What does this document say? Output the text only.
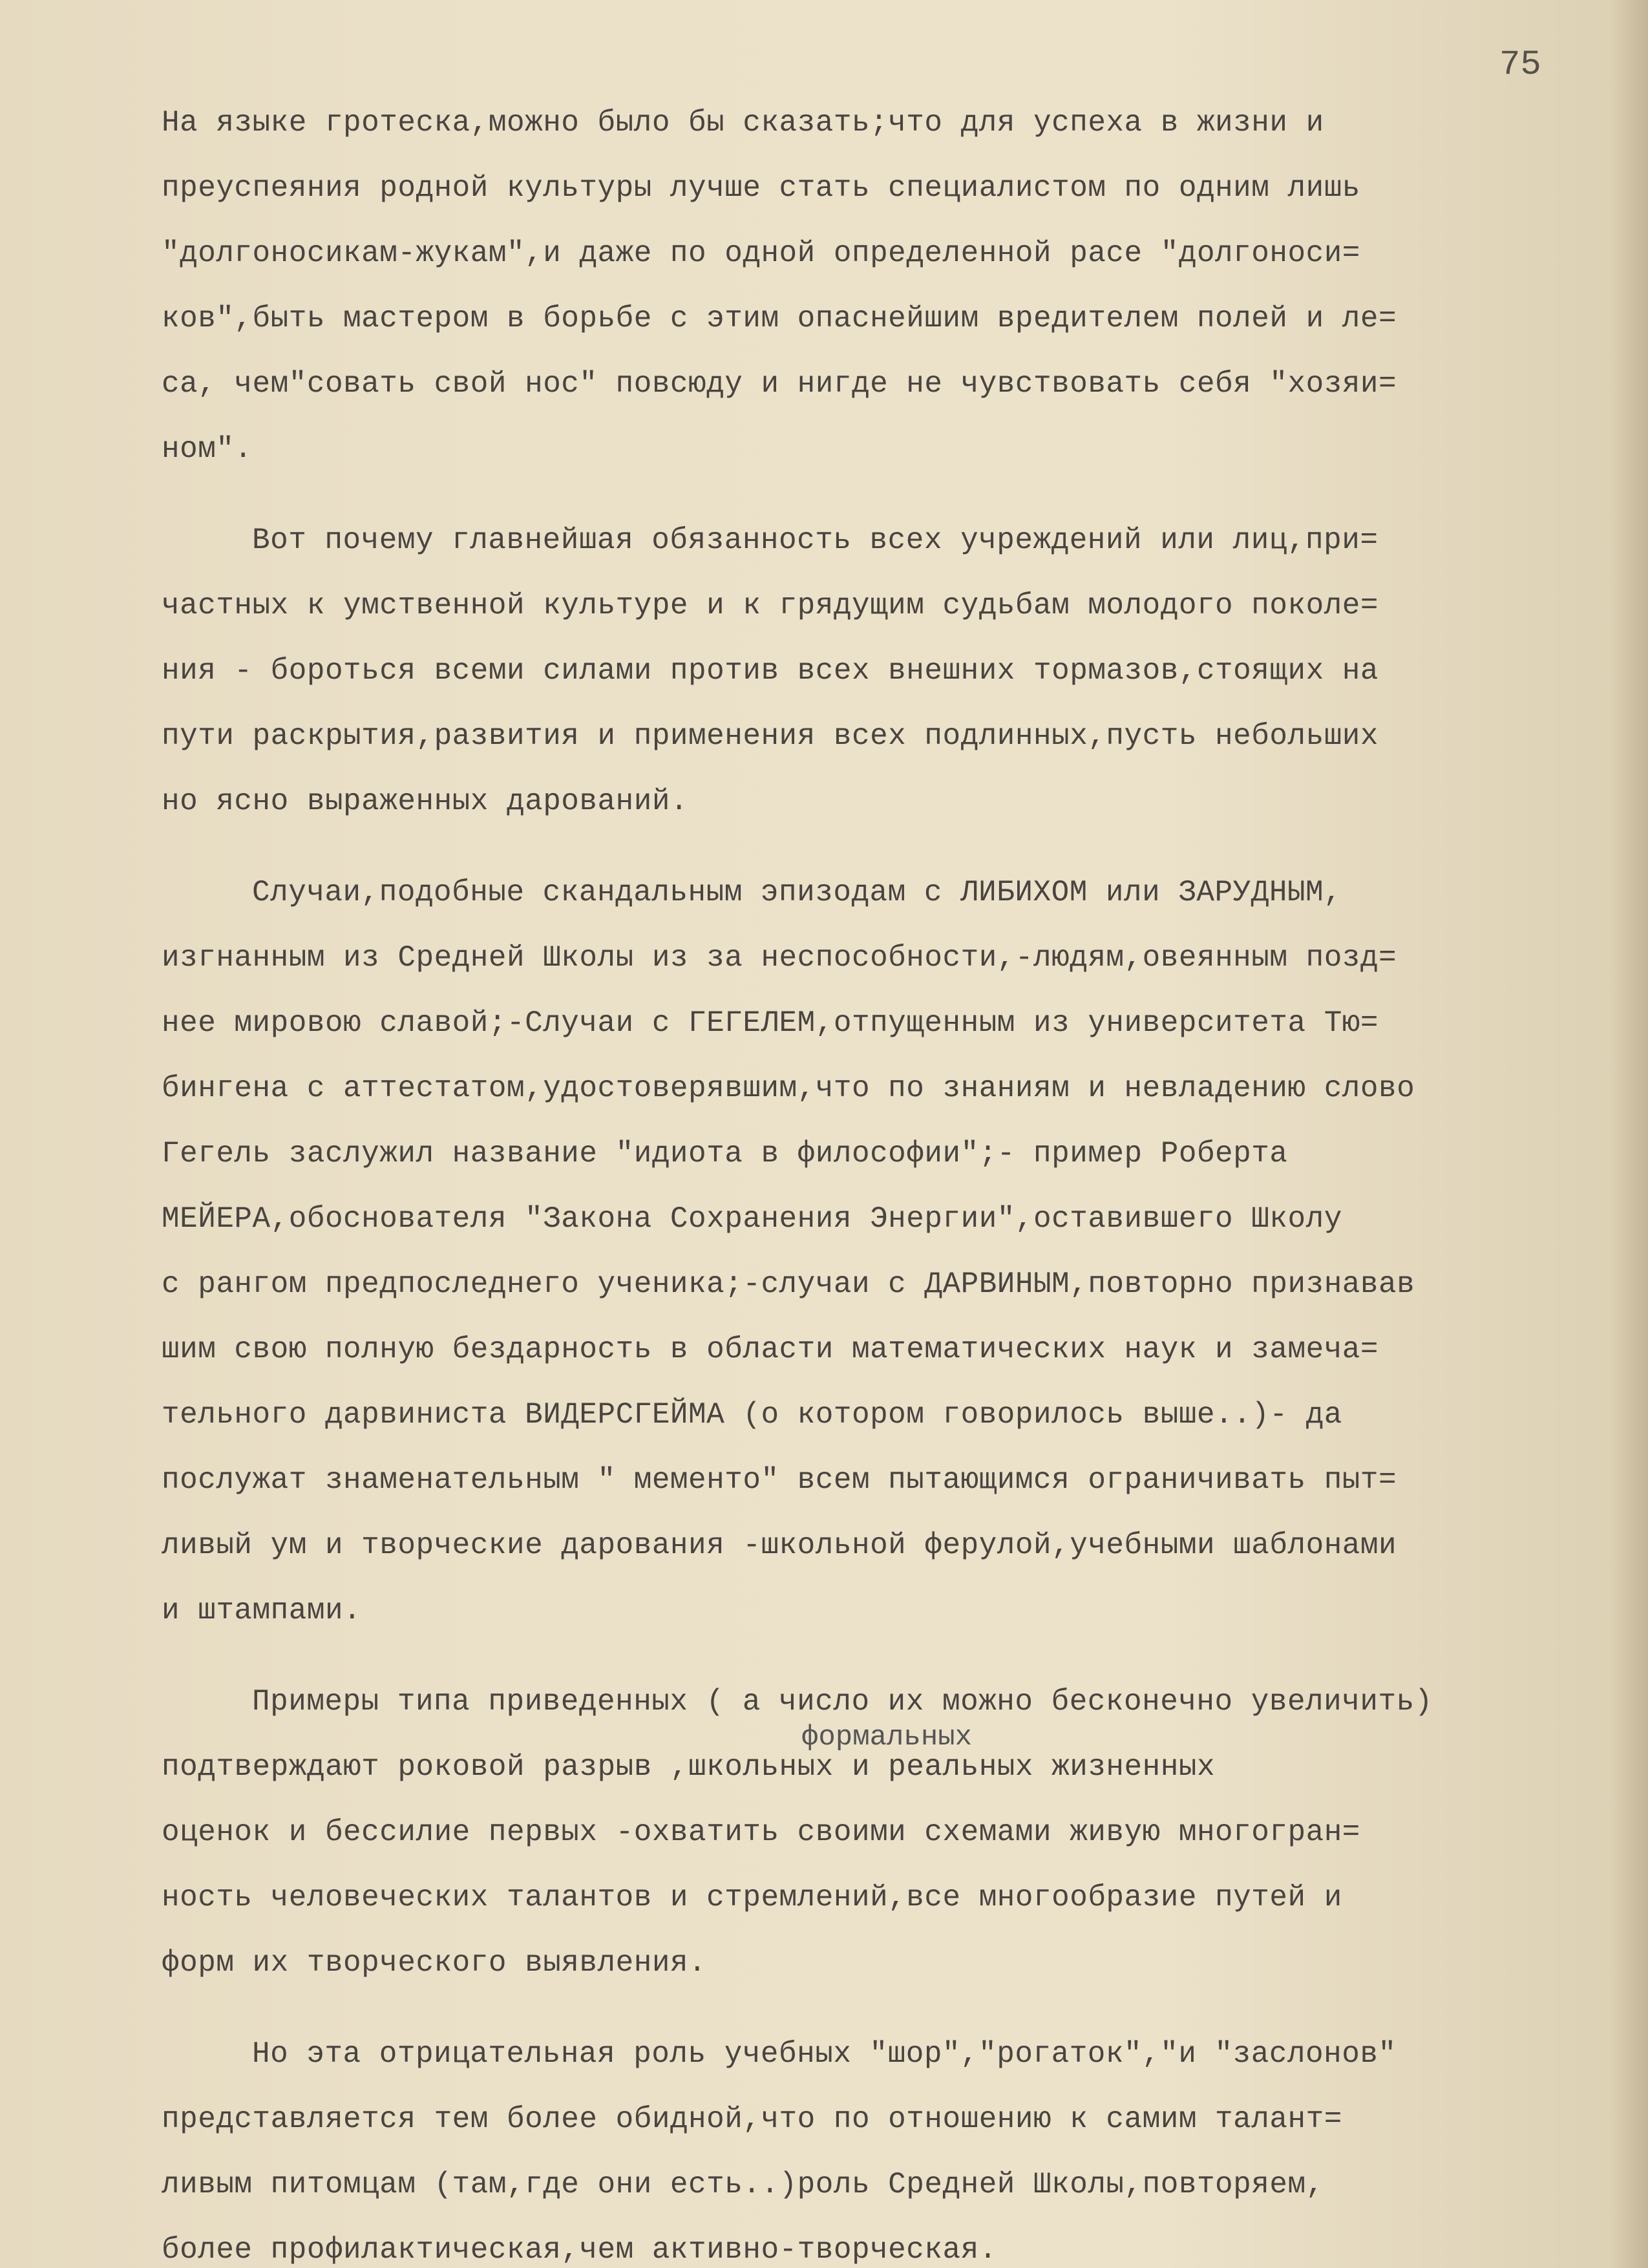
75
На языке гротеска,можно было бы сказать;что для успеха в жизни и
преуспеяния родной культуры лучше стать специалистом по одним лишь
"долгоносикам-жукам",и даже по одной определенной расе "долгоноси=
ков",быть мастером в борьбе с этим опаснейшим вредителем полей и ле=
са, чем"совать свой нос" повсюду и нигде не чувствовать себя "хозяи=
ном".
Вот почему главнейшая обязанность всех учреждений или лиц,при=
частных к умственной культуре и к грядущим судьбам молодого поколе=
ния - бороться всеми силами против всех внешних тормазов,стоящих на
пути раскрытия,развития и применения всех подлинных,пусть небольших
но ясно выраженных дарований.
Случаи,подобные скандальным эпизодам с ЛИБИХОМ или ЗАРУДНЫМ,
изгнанным из Средней Школы из за неспособности,-людям,овеянным позд=
нее мировою славой;-Случаи с ГЕГЕЛЕМ,отпущенным из университета Тю=
бингена с аттестатом,удостоверявшим,что по знаниям и невладению слово
Гегель заслужил название "идиота в философии";- пример Роберта
МЕЙЕРА,обоснователя "Закона Сохранения Энергии",оставившего Школу
с рангом предпоследнего ученика;-случаи с ДАРВИНЫМ,повторно признавав
шим свою полную бездарность в области математических наук и замеча=
тельного дарвиниста ВИДЕРСГЕЙМА (о котором говорилось выше..)- да
послужат знаменательным " мементо" всем пытающимся ограничивать пыт=
ливый ум и творческие дарования -школьной ферулой,учебными шаблонами
и штампами.
Примеры типа приведенных ( а число их можно бесконечно увеличить)
формальных
подтверждают роковой разрыв ,школьных и реальных жизненных
оценок и бессилие первых -охватить своими схемами живую многогран=
ность человеческих талантов и стремлений,все многообразие путей и
форм их творческого выявления.
Но эта отрицательная роль учебных "шор","рогаток","и "заслонов"
представляется тем более обидной,что по отношению к самим талант=
ливым питомцам (там,где они есть..)роль Средней Школы,повторяем,
более профилактическая,чем активно-творческая.
